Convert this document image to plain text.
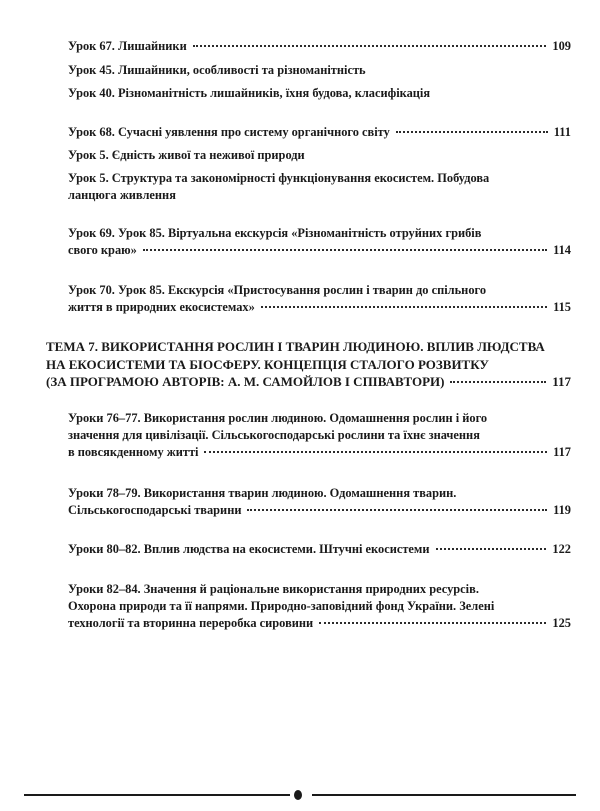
Урок 67. Лишайники	109
Урок 45. Лишайники, особливості та різноманітність
Урок 40. Різноманітність лишайників, їхня будова, класифікація
Урок 68. Сучасні уявлення про систему органічного світу	111
Урок 5. Єдність живої та неживої природи
Урок 5. Структура та закономірності функціонування екосистем. Побудова
ланцюга живлення
Урок 69. Урок 85. Віртуальна екскурсія «Різноманітність отруйних грибів
свого краю»	114
Урок 70. Урок 85. Екскурсія «Пристосування рослин і тварин до спільного
життя в природних екосистемах»	115
ТЕМА 7. ВИКОРИСТАННЯ РОСЛИН І ТВАРИН ЛЮДИНОЮ. ВПЛИВ ЛЮДСТВА
НА ЕКОСИСТЕМИ ТА БІОСФЕРУ. КОНЦЕПЦІЯ СТАЛОГО РОЗВИТКУ
(ЗА ПРОГРАМОЮ АВТОРІВ: А. М. САМОЙЛОВ І СПІВАВТОРИ)	117
Уроки 76–77. Використання рослин людиною. Одомашнення рослин і його
значення для цивілізації. Сільськогосподарські рослини та їхнє значення
в повсякденному житті	117
Уроки 78–79. Використання тварин людиною. Одомашнення тварин.
Сільськогосподарські тварини	119
Уроки 80–82. Вплив людства на екосистеми. Штучні екосистеми	122
Уроки 82–84. Значення й раціональне використання природних ресурсів.
Охорона природи та її напрями. Природно-заповідний фонд України. Зелені
технології та вторинна переробка сировини	125
